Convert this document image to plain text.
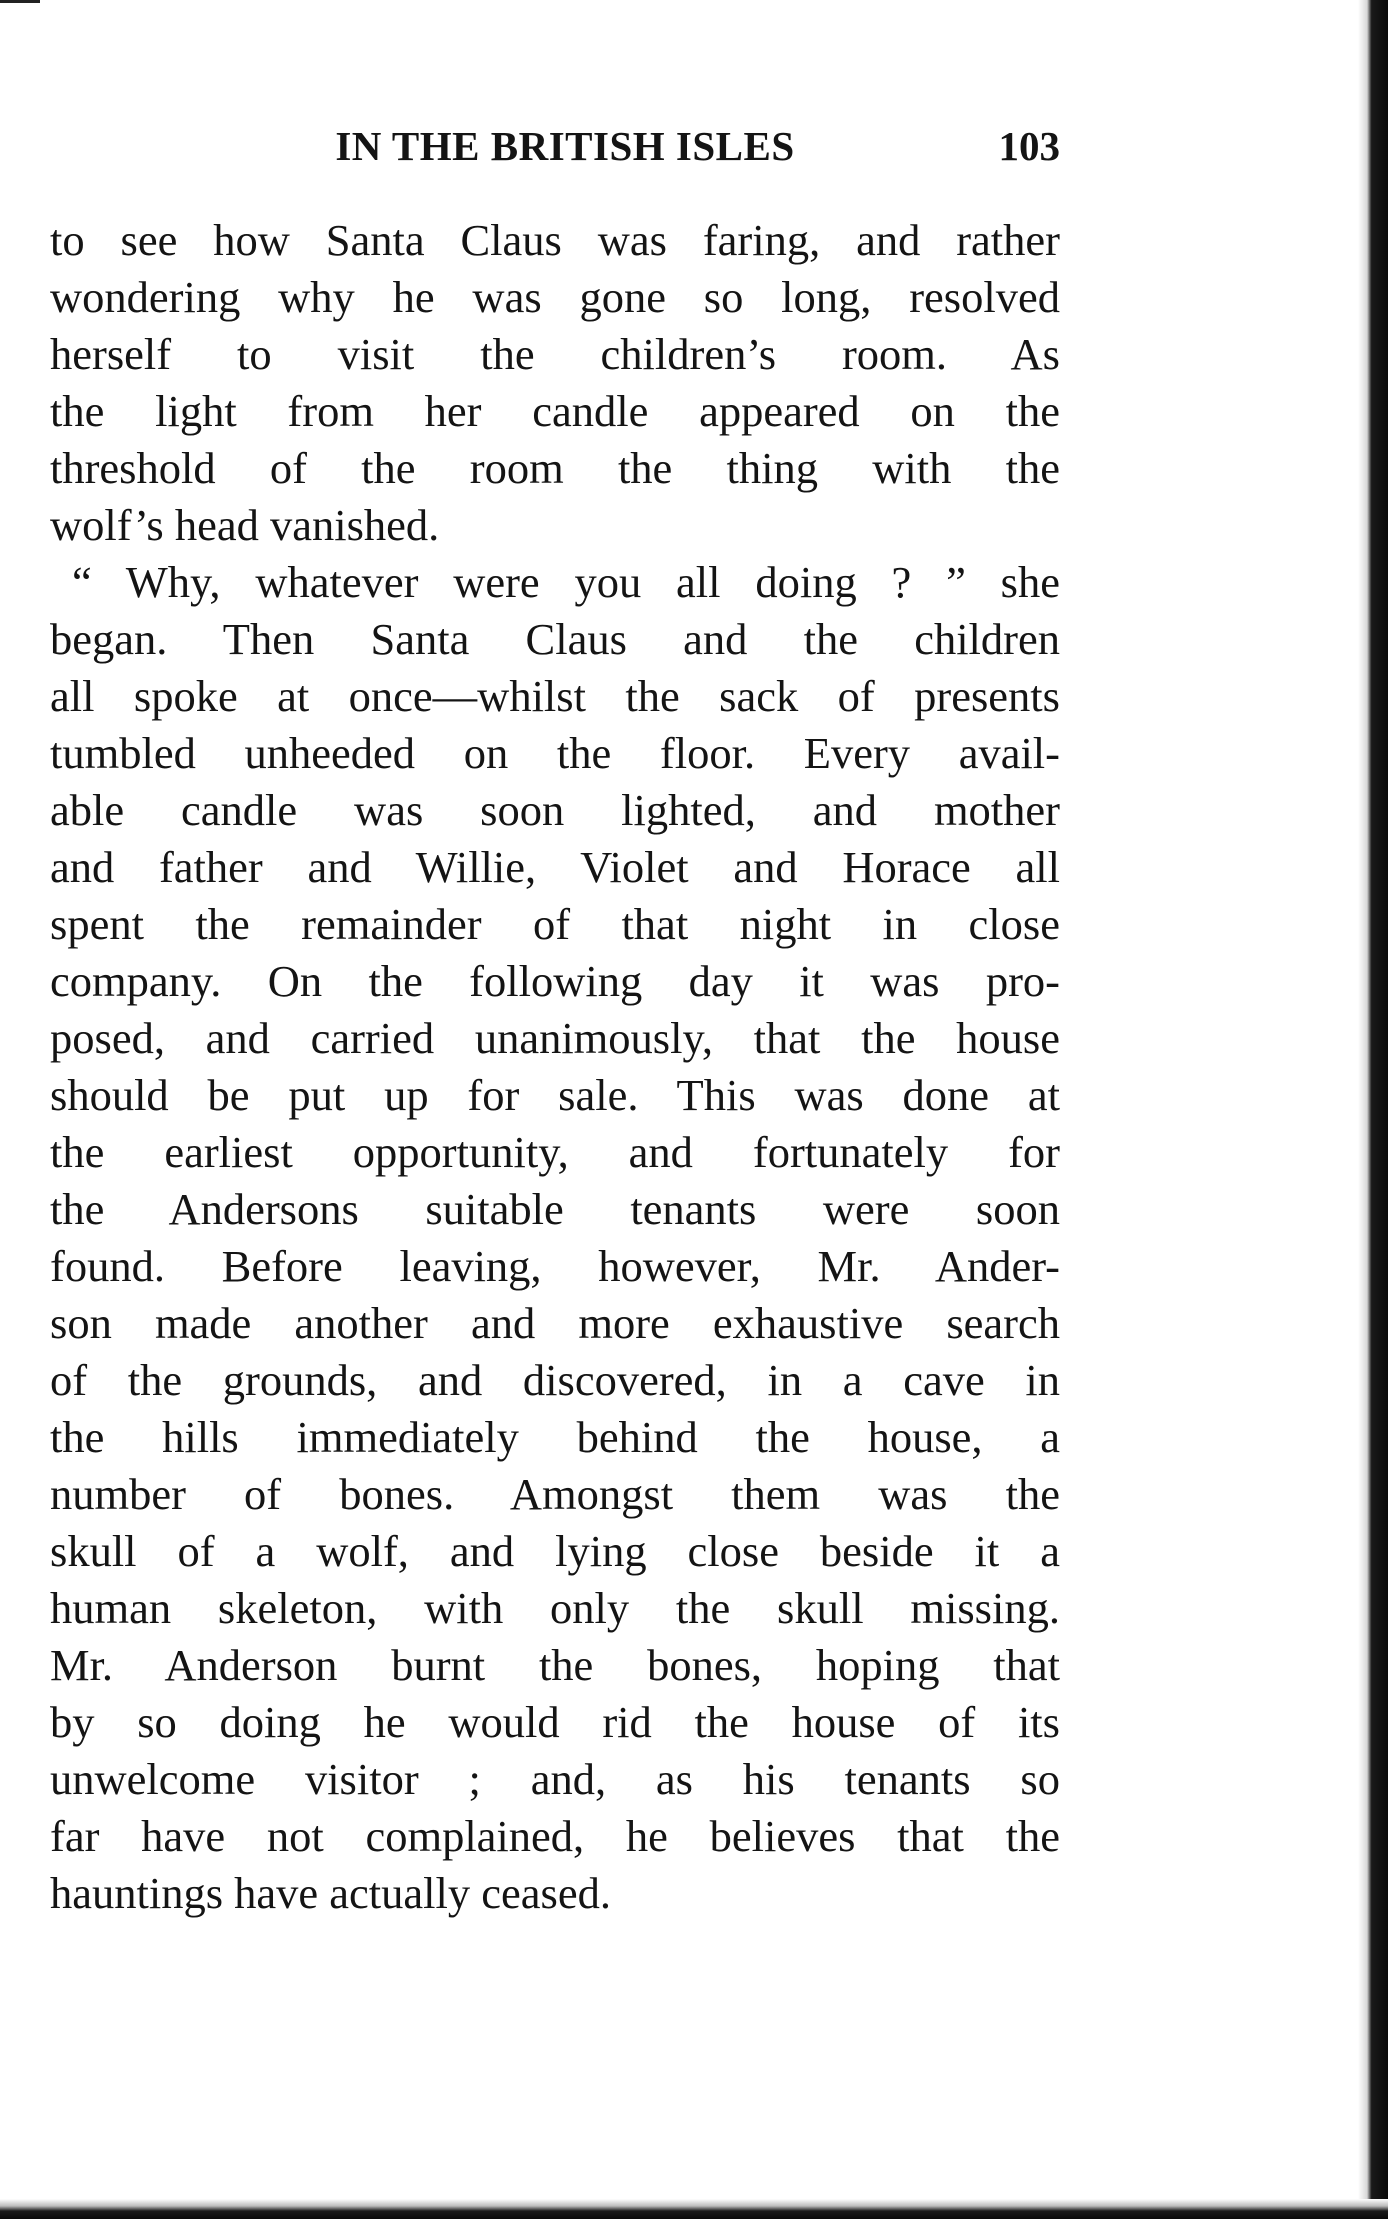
IN THE BRITISH ISLES	103
to see how Santa Claus was faring, and rather
wondering why he was gone so long, resolved
herself to visit the children’s room. As
the light from her candle appeared on the
threshold of the room the thing with the
wolf’s head vanished.
“ Why, whatever were you all doing ? ” she
began. Then Santa Claus and the children
all spoke at once—whilst the sack of presents
tumbled unheeded on the floor. Every avail-
able candle was soon lighted, and mother
and father and Willie, Violet and Horace all
spent the remainder of that night in close
company. On the following day it was pro-
posed, and carried unanimously, that the house
should be put up for sale. This was done at
the earliest opportunity, and fortunately for
the Andersons suitable tenants were soon
found. Before leaving, however, Mr. Ander-
son made another and more exhaustive search
of the grounds, and discovered, in a cave in
the hills immediately behind the house, a
number of bones. Amongst them was the
skull of a wolf, and lying close beside it a
human skeleton, with only the skull missing.
Mr. Anderson burnt the bones, hoping that
by so doing he would rid the house of its
unwelcome visitor ; and, as his tenants so
far have not complained, he believes that the
hauntings have actually ceased.
